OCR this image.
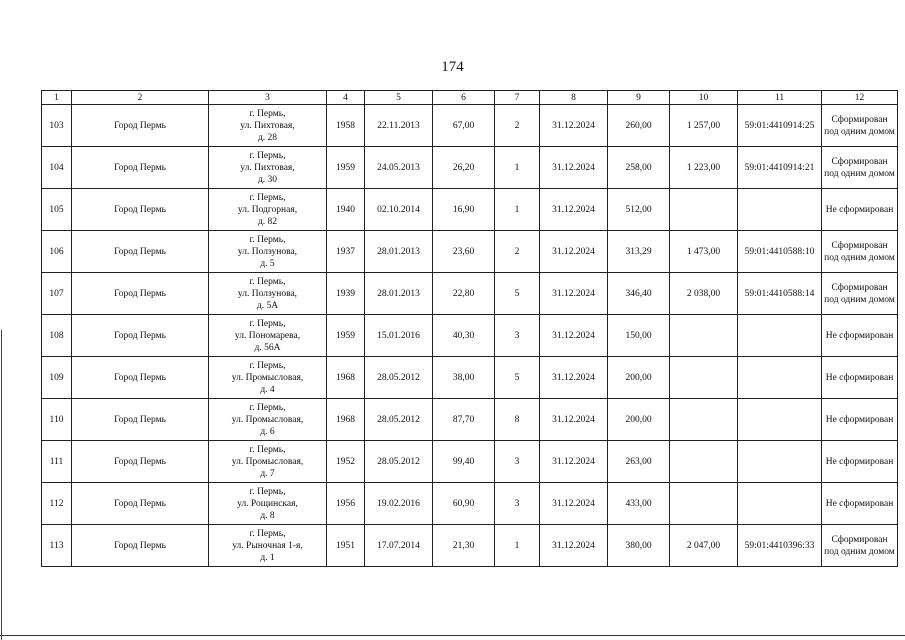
174
1	2	3	4	5	6	7	8	9	10	11	12
103	Город Пермь	г. Пермь,
ул. Пихтовая,
д. 28	1958	22.11.2013	67,00	2	31.12.2024	260,00	1 257,00	59:01:4410914:25	Сформирован
под одним домом

104	Город Пермь	г. Пермь,
ул. Пихтовая,
д. 30	1959	24.05.2013	26,20	1	31.12.2024	258,00	1 223,00	59:01:4410914:21	Сформирован
под одним домом

105	Город Пермь	г. Пермь,
ул. Подгорная,
д. 82	1940	02.10.2014	16,90	1	31.12.2024	512,00			Не сформирован

106	Город Пермь	г. Пермь,
ул. Ползунова,
д. 5	1937	28.01.2013	23,60	2	31.12.2024	313,29	1 473,00	59:01:4410588:10	Сформирован
под одним домом

107	Город Пермь	г. Пермь,
ул. Ползунова,
д. 5А	1939	28.01.2013	22,80	5	31.12.2024	346,40	2 038,00	59:01:4410588:14	Сформирован
под одним домом

108	Город Пермь	г. Пермь,
ул. Пономарева,
д. 56А	1959	15.01.2016	40,30	3	31.12.2024	150,00			Не сформирован

109	Город Пермь	г. Пермь,
ул. Промысловая,
д. 4	1968	28.05.2012	38,00	5	31.12.2024	200,00			Не сформирован

110	Город Пермь	г. Пермь,
ул. Промысловая,
д. 6	1968	28.05.2012	87,70	8	31.12.2024	200,00			Не сформирован

111	Город Пермь	г. Пермь,
ул. Промысловая,
д. 7	1952	28.05.2012	99,40	3	31.12.2024	263,00			Не сформирован

112	Город Пермь	г. Пермь,
ул. Рощинская,
д. 8	1956	19.02.2016	60,90	3	31.12.2024	433,00			Не сформирован

113	Город Пермь	г. Пермь,
ул. Рыночная 1-я,
д. 1	1951	17.07.2014	21,30	1	31.12.2024	380,00	2 047,00	59:01:4410396:33	Сформирован
под одним домом
